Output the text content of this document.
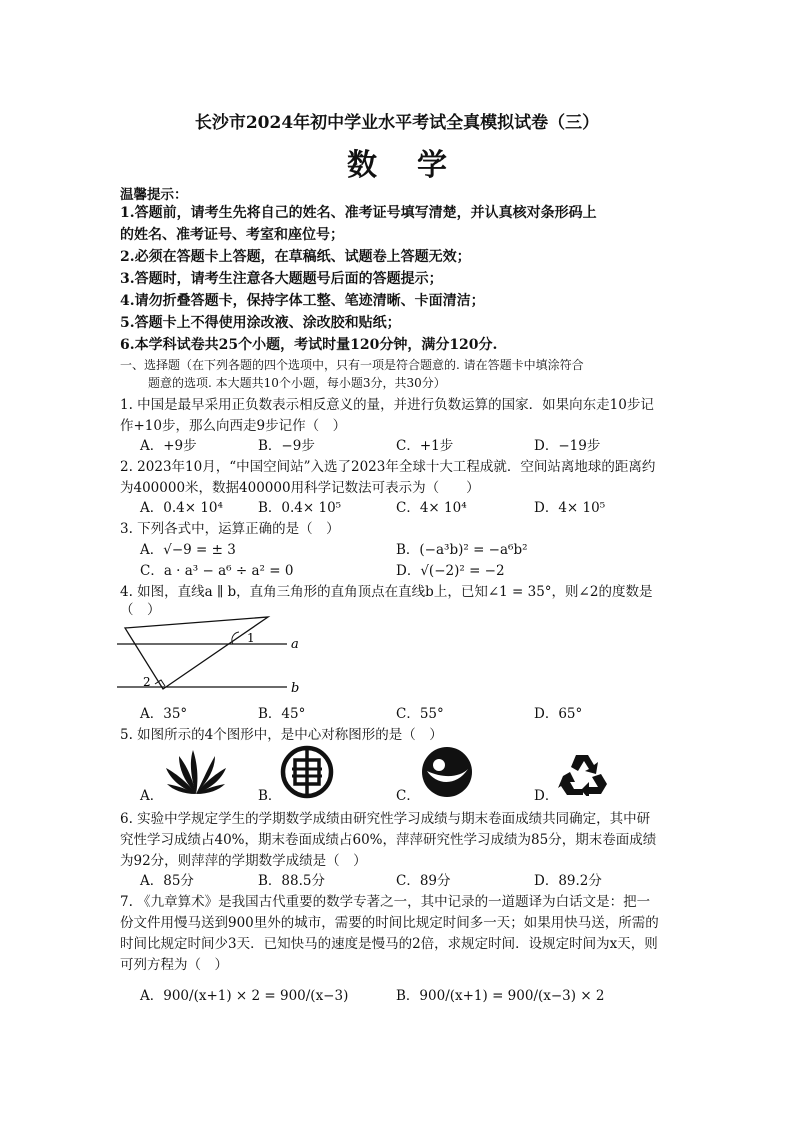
长沙市2024年初中学业水平考试全真模拟试卷（三）
数学
温馨提示：
1.答题前，请考生先将自己的姓名、准考证号填写清楚，并认真核对条形码上
的姓名、准考证号、考室和座位号；
2.必须在答题卡上答题，在草稿纸、试题卷上答题无效；
3.答题时，请考生注意各大题题号后面的答题提示；
4.请勿折叠答题卡，保持字体工整、笔迹清晰、卡面清洁；
5.答题卡上不得使用涂改液、涂改胶和贴纸；
6.本学科试卷共25个小题，考试时量120分钟，满分120分.
一、选择题（在下列各题的四个选项中，只有一项是符合题意的. 请在答题卡中填涂符合
题意的选项. 本大题共10个小题，每小题3分，共30分）
1. 中国是最早采用正负数表示相反意义的量，并进行负数运算的国家．如果向东走10步记
作+10步，那么向西走9步记作（　）
A．+9步	B．−9步	C．+1步	D．−19步
2. 2023年10月，“中国空间站”入选了2023年全球十大工程成就．空间站离地球的距离约
为400000米，数据400000用科学记数法可表示为（　　）
A．0.4× 10⁴	B．0.4× 10⁵	C．4× 10⁴	D．4× 10⁵
3. 下列各式中，运算正确的是（　）
A．√−9 = ± 3	B．(−a³b)² = −a⁶b²
C．a · a³ − a⁶ ÷ a² = 0	D．√(−2)² = −2
4. 如图，直线a ∥ b，直角三角形的直角顶点在直线b上，已知∠1 = 35°，则∠2的度数是
（　）
a
b
1
2
A．35°	B．45°	C．55°	D．65°
5. 如图所示的4个图形中，是中心对称图形的是（　）
A．	B．	C．	D．
6. 实验中学规定学生的学期数学成绩由研究性学习成绩与期末卷面成绩共同确定，其中研
究性学习成绩占40%，期末卷面成绩占60%，萍萍研究性学习成绩为85分，期末卷面成绩
为92分，则萍萍的学期数学成绩是（　）
A．85分	B．88.5分	C．89分	D．89.2分
7. 《九章算术》是我国古代重要的数学专著之一，其中记录的一道题译为白话文是：把一
份文件用慢马送到900里外的城市，需要的时间比规定时间多一天；如果用快马送，所需的
时间比规定时间少3天．已知快马的速度是慢马的2倍，求规定时间．设规定时间为x天，则
可列方程为（　）
A．900/(x+1) × 2 = 900/(x−3)	B．900/(x+1) = 900/(x−3) × 2
